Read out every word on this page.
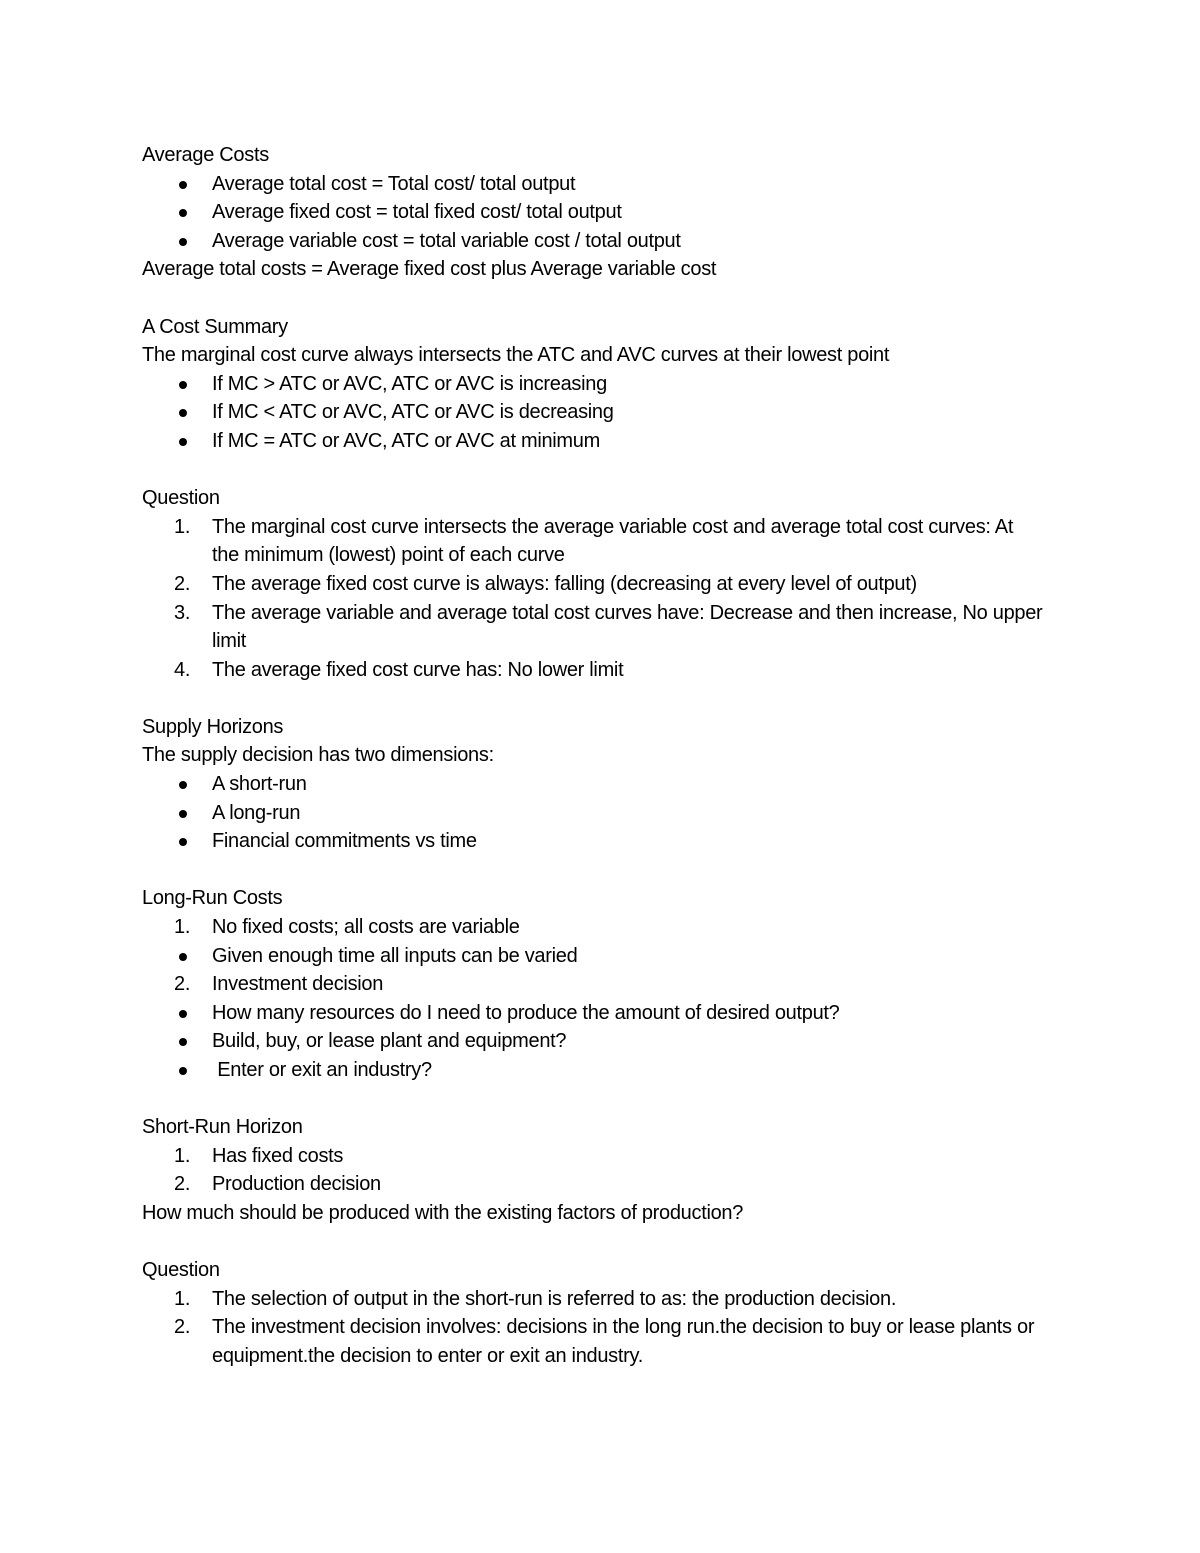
Average Costs
Average total cost = Total cost/ total output
Average fixed cost = total fixed cost/ total output
Average variable cost = total variable cost / total output
Average total costs = Average fixed cost plus Average variable cost
A Cost Summary
The marginal cost curve always intersects the ATC and AVC curves at their lowest point
If MC > ATC or AVC, ATC or AVC is increasing
If MC < ATC or AVC, ATC or AVC is decreasing
If MC = ATC or AVC, ATC or AVC at minimum
Question
1.	The marginal cost curve intersects the average variable cost and average total cost curves: At the minimum (lowest) point of each curve
2.	The average fixed cost curve is always: falling (decreasing at every level of output)
3.	The average variable and average total cost curves have: Decrease and then increase, No upper limit
4.	The average fixed cost curve has: No lower limit
Supply Horizons
The supply decision has two dimensions:
A short-run
A long-run
Financial commitments vs time
Long-Run Costs
1.	No fixed costs; all costs are variable
Given enough time all inputs can be varied
2.	Investment decision
How many resources do I need to produce the amount of desired output?
Build, buy, or lease plant and equipment?
Enter or exit an industry?
Short-Run Horizon
1.	Has fixed costs
2.	Production decision
How much should be produced with the existing factors of production?
Question
1.	The selection of output in the short-run is referred to as: the production decision.
2.	The investment decision involves: decisions in the long run.the decision to buy or lease plants or equipment.the decision to enter or exit an industry.
